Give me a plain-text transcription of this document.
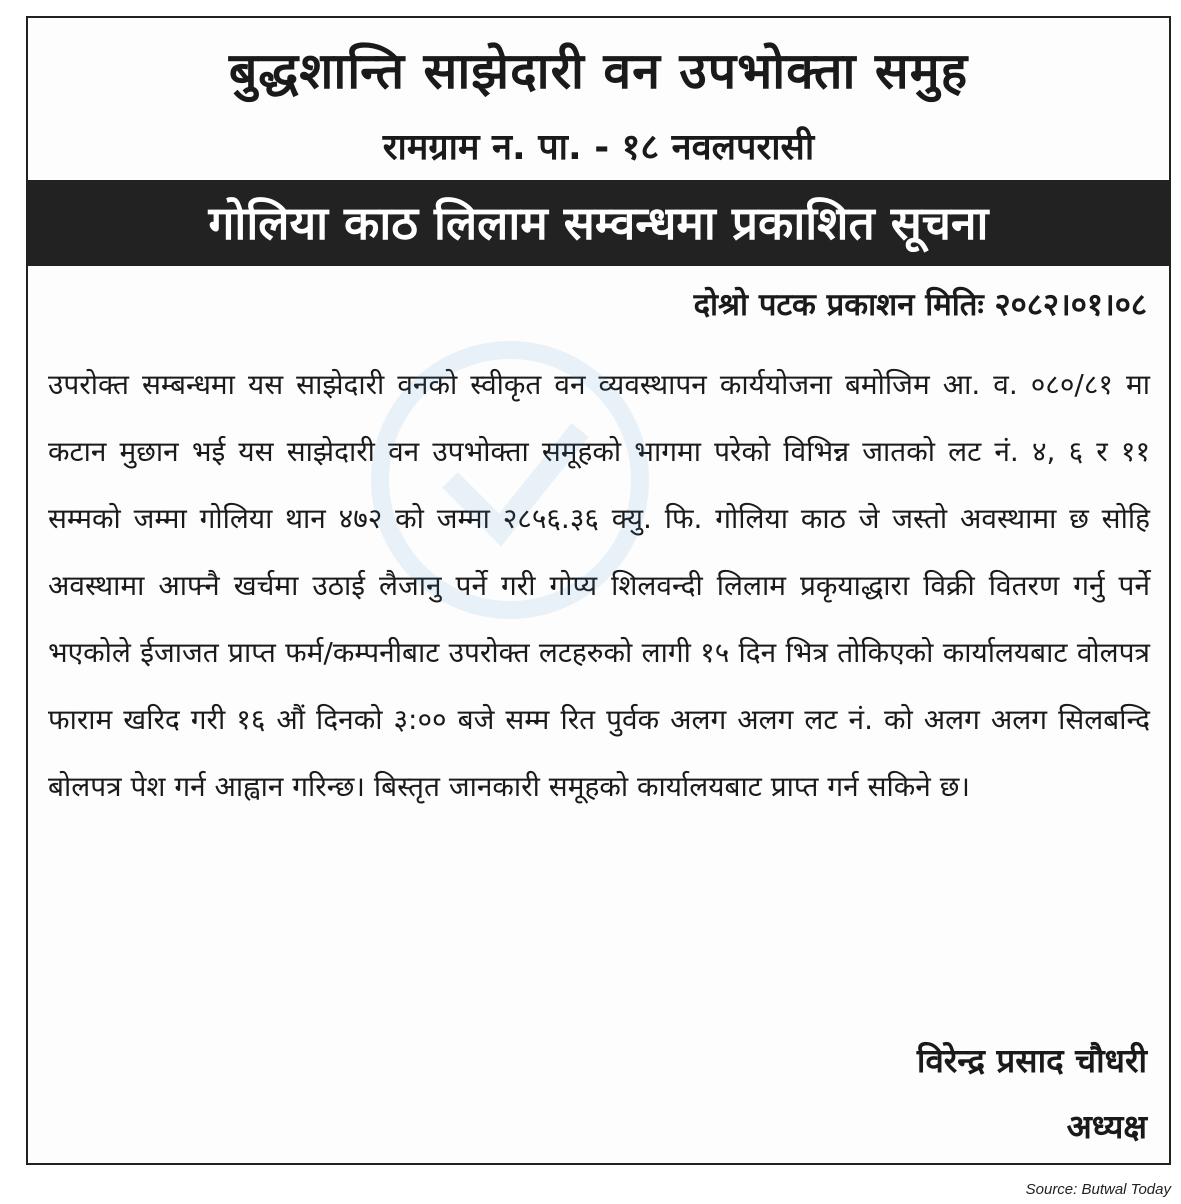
बुद्धशान्ति साझेदारी वन उपभोक्ता समुह
रामग्राम न. पा. - १८ नवलपरासी
गोलिया काठ लिलाम सम्वन्धमा प्रकाशित सूचना
दोश्रो पटक प्रकाशन मितिः २०८२।०१।०८
उपरोक्त सम्बन्धमा यस साझेदारी वनको स्वीकृत वन व्यवस्थापन कार्ययोजना बमोजिम आ. व. ०८०/८१ मा कटान मुछान भई यस साझेदारी वन उपभोक्ता समूहको भागमा परेको विभिन्न जातको लट नं. ४, ६ र ११ सम्मको जम्मा गोलिया थान ४७२ को जम्मा २८५६.३६ क्यु. फि. गोलिया काठ जे जस्तो अवस्थामा छ सोहि अवस्थामा आफ्नै खर्चमा उठाई लैजानु पर्ने गरी गोप्य शिलवन्दी लिलाम प्रकृयाद्धारा विक्री वितरण गर्नु पर्ने भएकोले ईजाजत प्राप्त फर्म/कम्पनीबाट उपरोक्त लटहरुको लागी १५ दिन भित्र तोकिएको कार्यालयबाट वोलपत्र फाराम खरिद गरी १६ औं दिनको ३:०० बजे सम्म रित पुर्वक अलग अलग लट नं. को अलग अलग सिलबन्दि बोलपत्र पेश गर्न आह्वान गरिन्छ। बिस्तृत जानकारी समूहको कार्यालयबाट प्राप्त गर्न सकिने छ।
विरेन्द्र प्रसाद चौधरी
अध्यक्ष
Source: Butwal Today
